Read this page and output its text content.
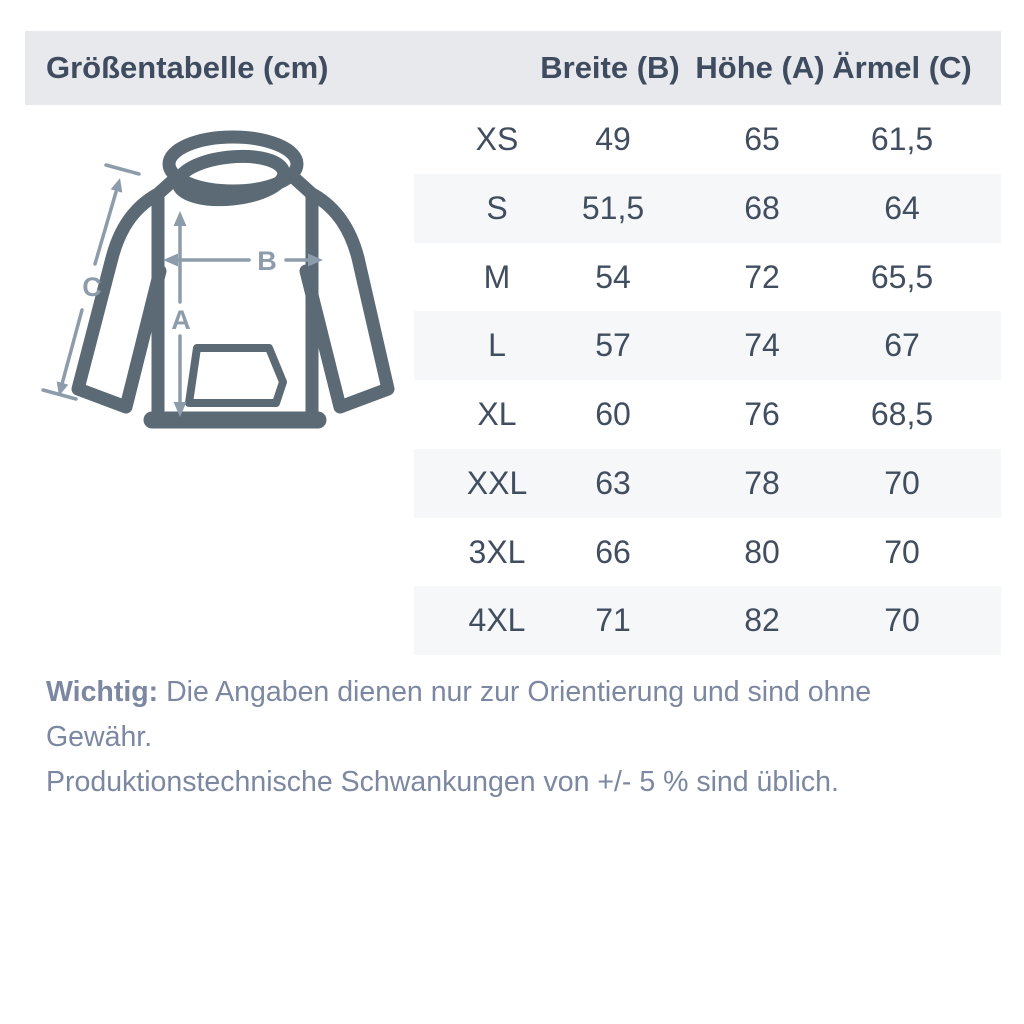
Größentabelle (cm)	Breite (B) Höhe (A) Ärmel (C)
A
B
C
XS 49	65	61,5
S 51,5	68	64
M	54	72	65,5
L	57	74	67
XL 60	76	68,5
XXL 63	78	70
3XL 66	80	70
4XL 71	82	70
Wichtig: Die Angaben dienen nur zur Orientierung und sind ohne Gewähr.
Produktionstechnische Schwankungen von +/- 5 % sind üblich.
